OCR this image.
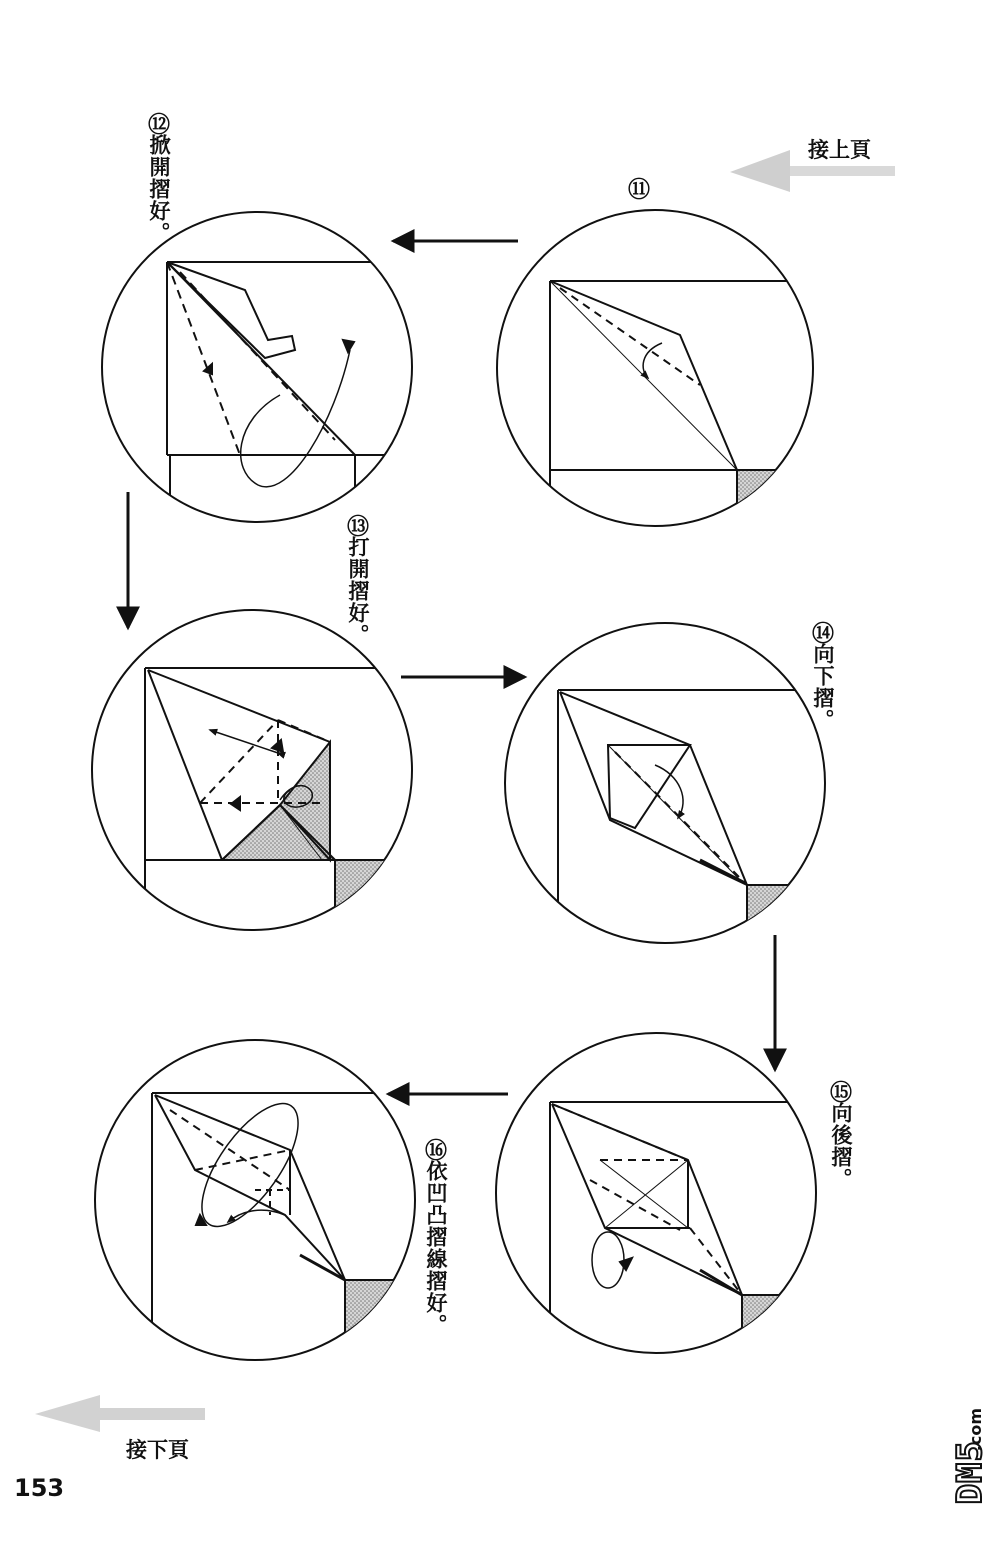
⑪
⑫
掀開摺好。
⑬
打開摺好。	⑭
向下摺。
⑮
向後摺。
⑯
依凹凸摺線摺好。
接上頁
接下頁
153	DM5
.com
